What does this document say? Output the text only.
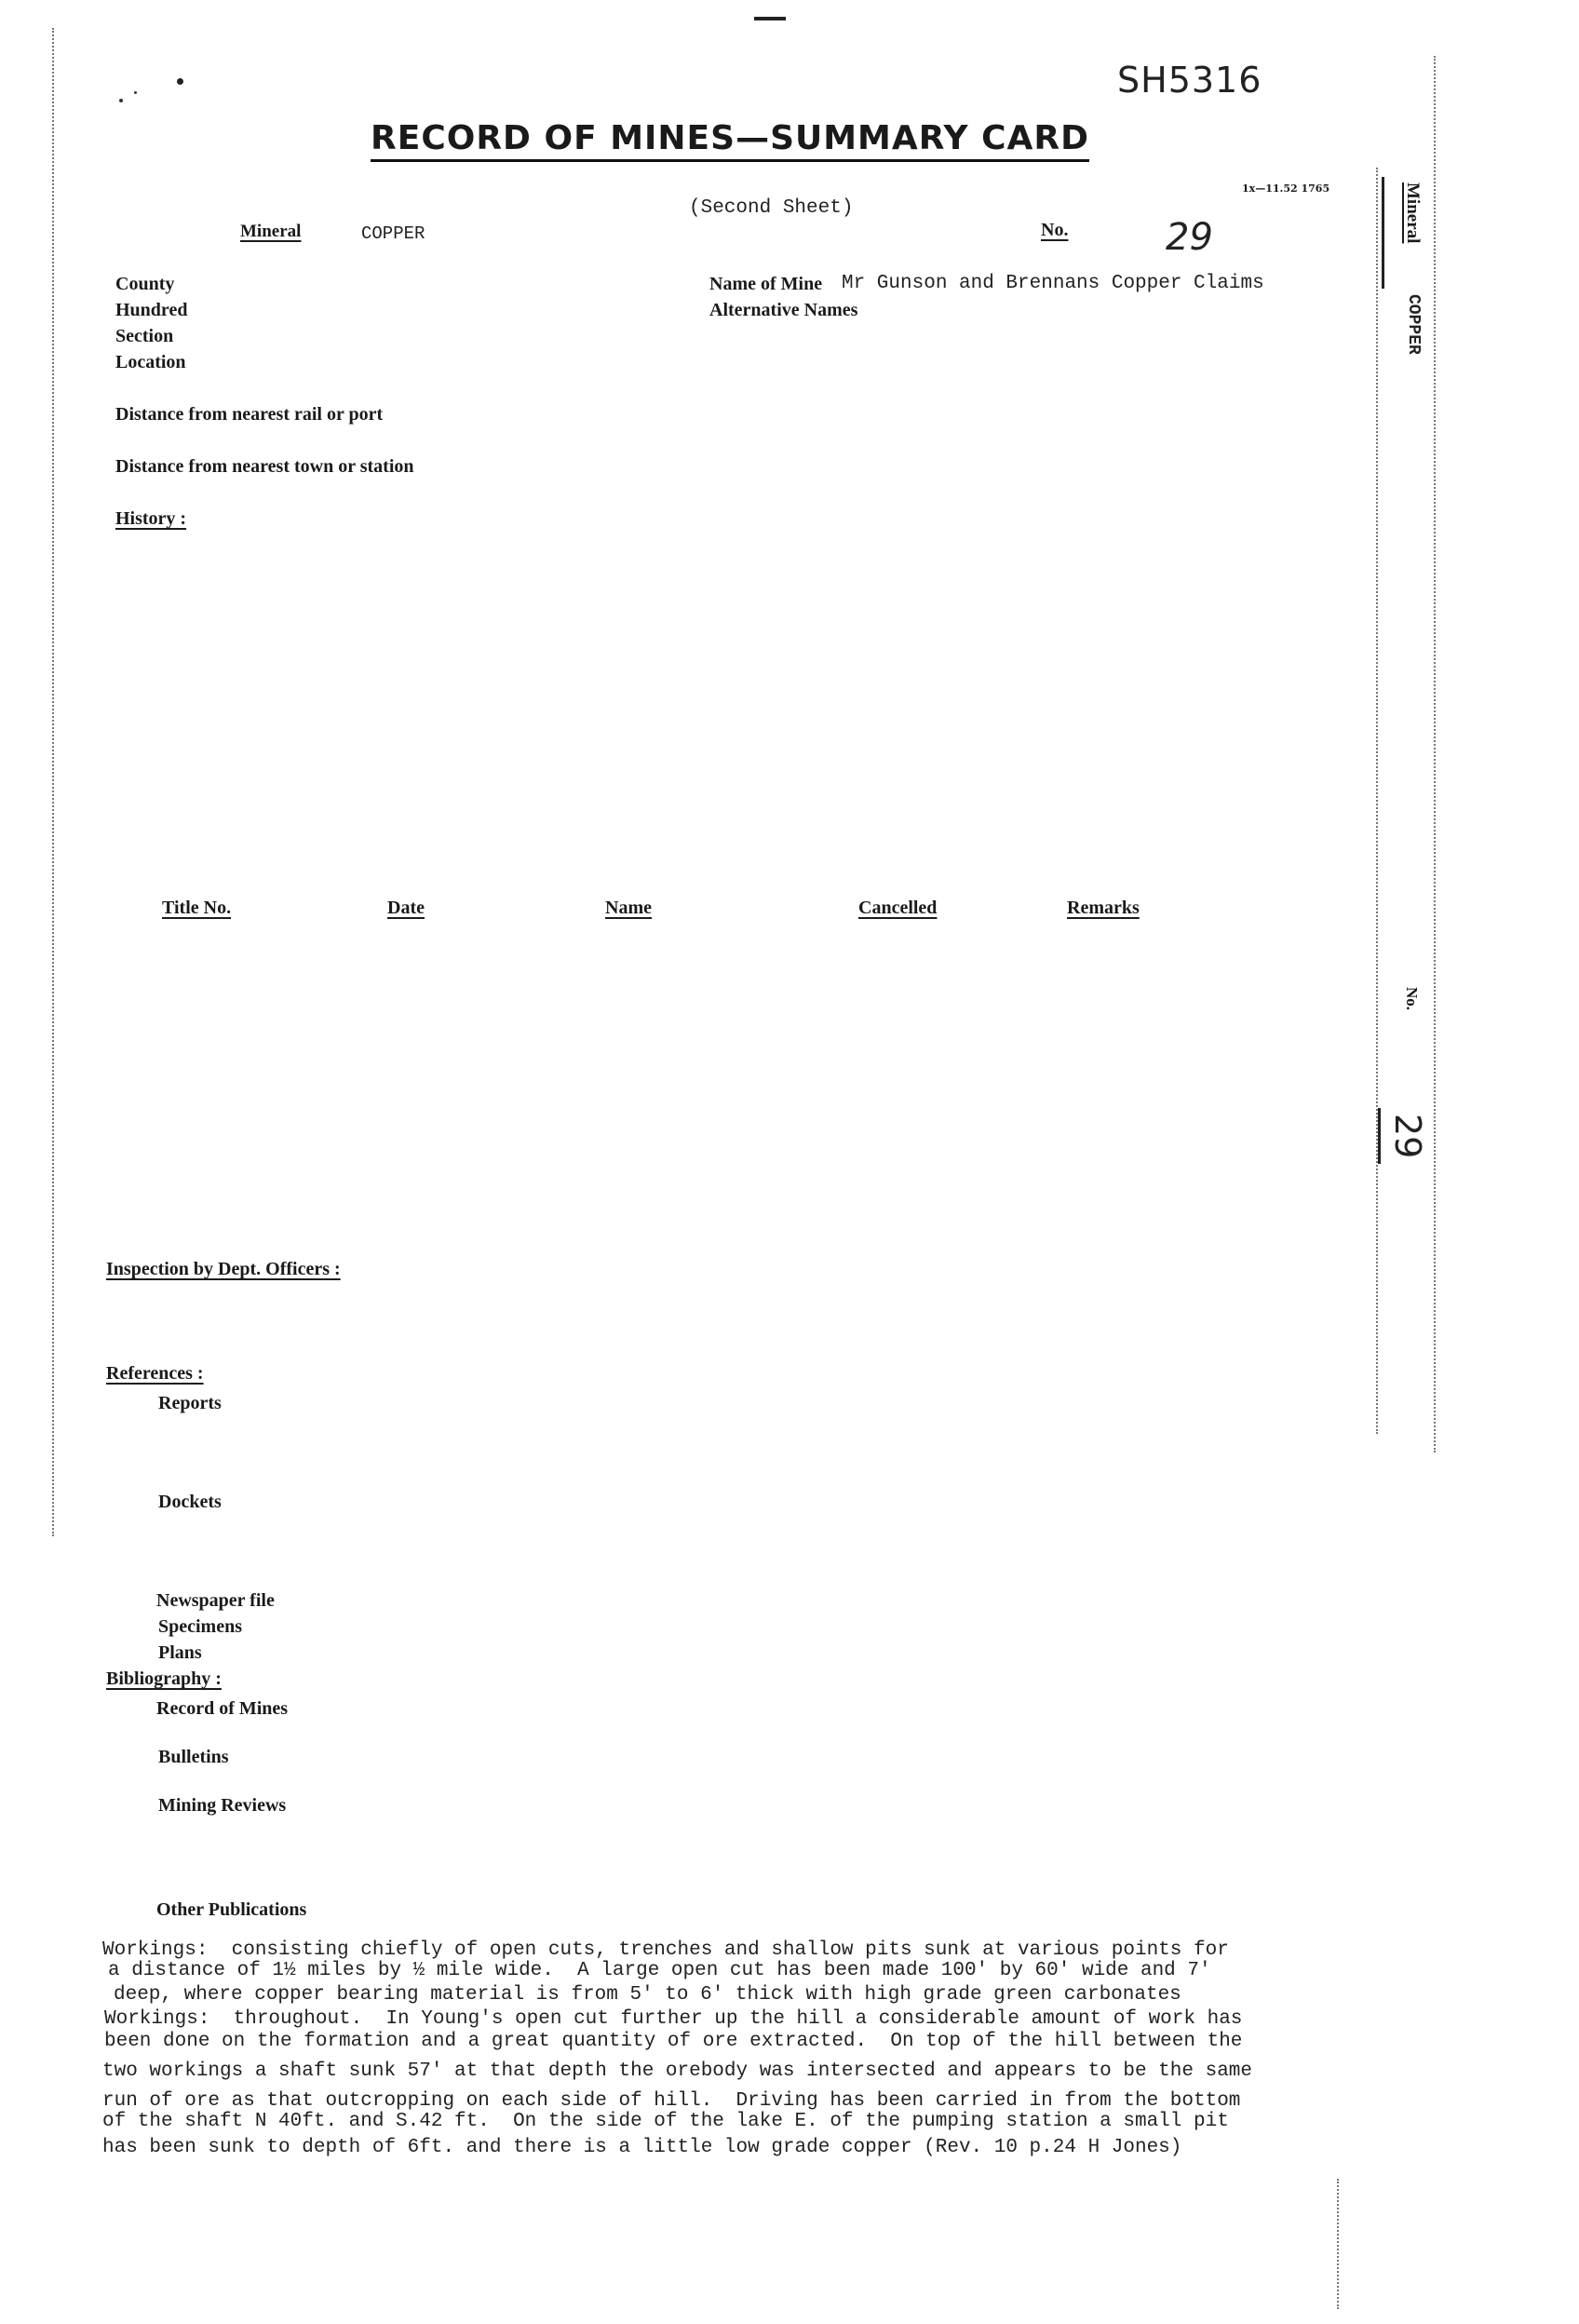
SH5316
RECORD OF MINES—SUMMARY CARD
1x—11.52 1765
(Second Sheet)
Mineral	COPPER	No.	29
County
Hundred
Section
Location
Name of Mine Mr Gunson and Brennans Copper Claims
Alternative Names
Distance from nearest rail or port
Distance from nearest town or station
History :
Title No.	Date	Name	Cancelled	Remarks
Inspection by Dept. Officers :
References :
Reports
Dockets
Newspaper file
Specimens
Plans
Bibliography :
Record of Mines
Bulletins
Mining Reviews
Other Publications
Workings:  consisting chiefly of open cuts, trenches and shallow pits sunk at various points for
a distance of 1½ miles by ½ mile wide.  A large open cut has been made 100' by 60' wide and 7'
deep, where copper bearing material is from 5' to 6' thick with high grade green carbonates
Workings:  throughout.  In Young's open cut further up the hill a considerable amount of work has
been done on the formation and a great quantity of ore extracted.  On top of the hill between the
two workings a shaft sunk 57' at that depth the orebody was intersected and appears to be the same
run of ore as that outcropping on each side of hill.  Driving has been carried in from the bottom
of the shaft N 40ft. and S.42 ft.  On the side of the lake E. of the pumping station a small pit
has been sunk to depth of 6ft. and there is a little low grade copper (Rev. 10 p.24 H Jones)
Mineral
COPPER
No.
29
